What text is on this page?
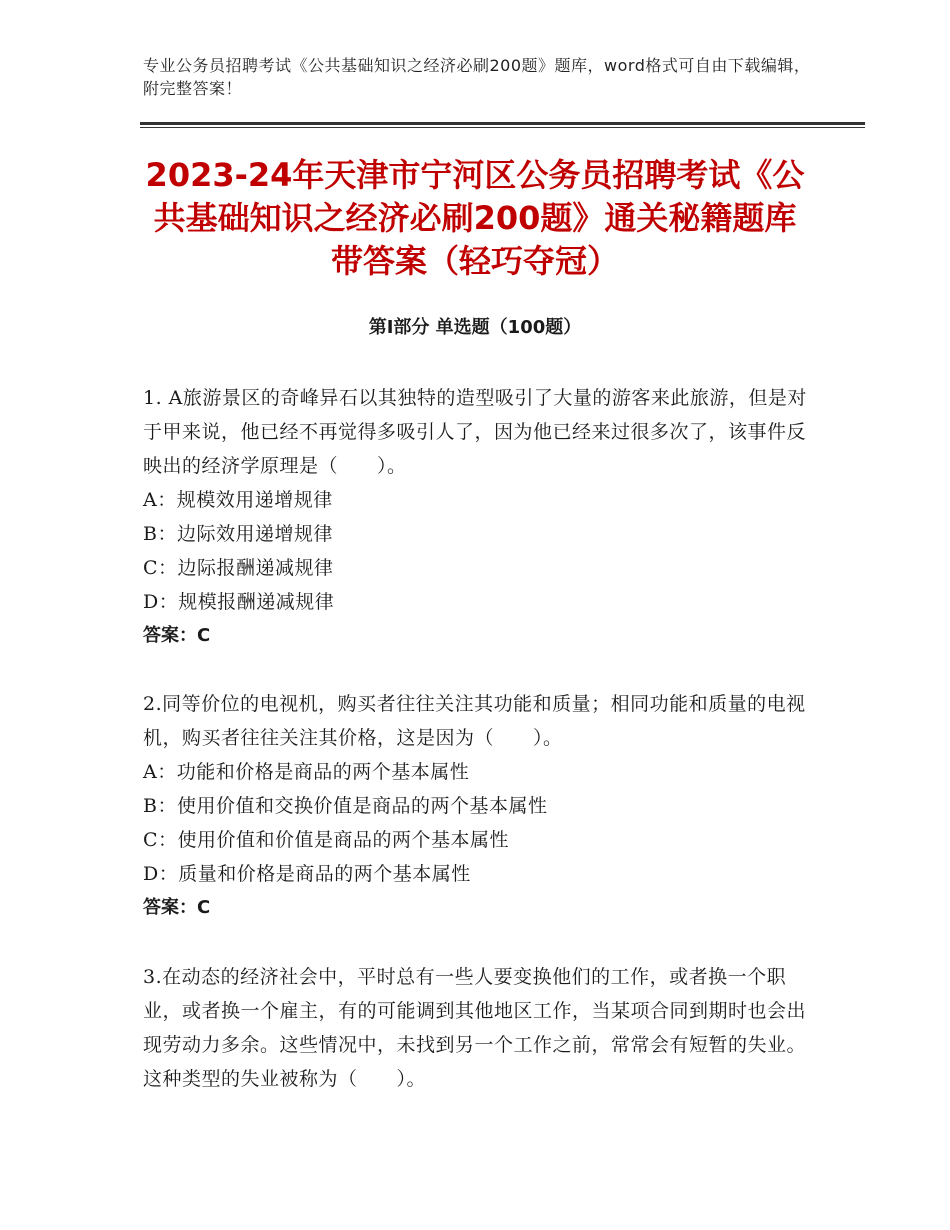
专业公务员招聘考试《公共基础知识之经济必刷200题》题库，word格式可自由下载编辑，附完整答案！
2023-24年天津市宁河区公务员招聘考试《公共基础知识之经济必刷200题》通关秘籍题库带答案（轻巧夺冠）
第Ⅰ部分 单选题（100题）
1. A旅游景区的奇峰异石以其独特的造型吸引了大量的游客来此旅游，但是对于甲来说，他已经不再觉得多吸引人了，因为他已经来过很多次了，该事件反映出的经济学原理是（　　）。
A：规模效用递增规律
B：边际效用递增规律
C：边际报酬递减规律
D：规模报酬递减规律
答案：C
2.同等价位的电视机，购买者往往关注其功能和质量；相同功能和质量的电视机，购买者往往关注其价格，这是因为（　　）。
A：功能和价格是商品的两个基本属性
B：使用价值和交换价值是商品的两个基本属性
C：使用价值和价值是商品的两个基本属性
D：质量和价格是商品的两个基本属性
答案：C
3.在动态的经济社会中，平时总有一些人要变换他们的工作，或者换一个职业，或者换一个雇主，有的可能调到其他地区工作，当某项合同到期时也会出现劳动力多余。这些情况中，未找到另一个工作之前，常常会有短暂的失业。这种类型的失业被称为（　　）。
